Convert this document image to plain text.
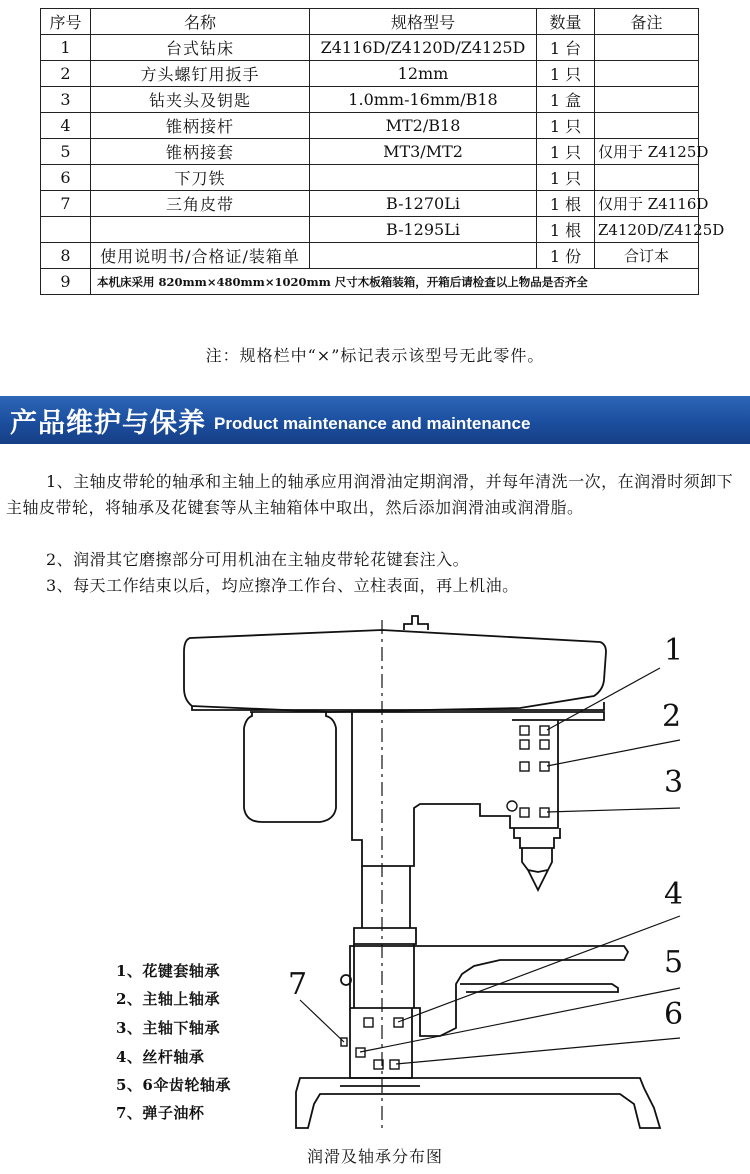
序号	名称	规格型号	数量	备注
1	台式钻床	Z4116D/Z4120D/Z4125D	1 台	
2	方头螺钉用扳手	12mm	1 只	
3	钻夹头及钥匙	1.0mm-16mm/B18	1 盒	
4	锥柄接杆	MT2/B18	1 只	
5	锥柄接套	MT3/MT2	1 只	仅用于 Z4125D
6	下刀铁		1 只	
7	三角皮带	B-1270Li	1 根	仅用于 Z4116D
		B-1295Li	1 根	Z4120D/Z4125D
8	使用说明书/合格证/装箱单		1 份	合订本
9	本机床采用 820mm×480mm×1020mm 尺寸木板箱装箱，开箱后请检查以上物品是否齐全			
注：规格栏中“×”标记表示该型号无此零件。
产品维护与保养 Product maintenance and maintenance

1、主轴皮带轮的轴承和主轴上的轴承应用润滑油定期润滑，并每年清洗一次，在润滑时须卸下主轴皮带轮，将轴承及花键套等从主轴箱体中取出，然后添加润滑油或润滑脂。

2、润滑其它磨擦部分可用机油在主轴皮带轮花键套注入。

3、每天工作结束以后，均应擦净工作台、立柱表面，再上机油。

1
2
3
4
5
6
7
1、花键套轴承
2、主轴上轴承
3、主轴下轴承
4、丝杆轴承
5、6伞齿轮轴承
7、弹子油杯
润滑及轴承分布图
